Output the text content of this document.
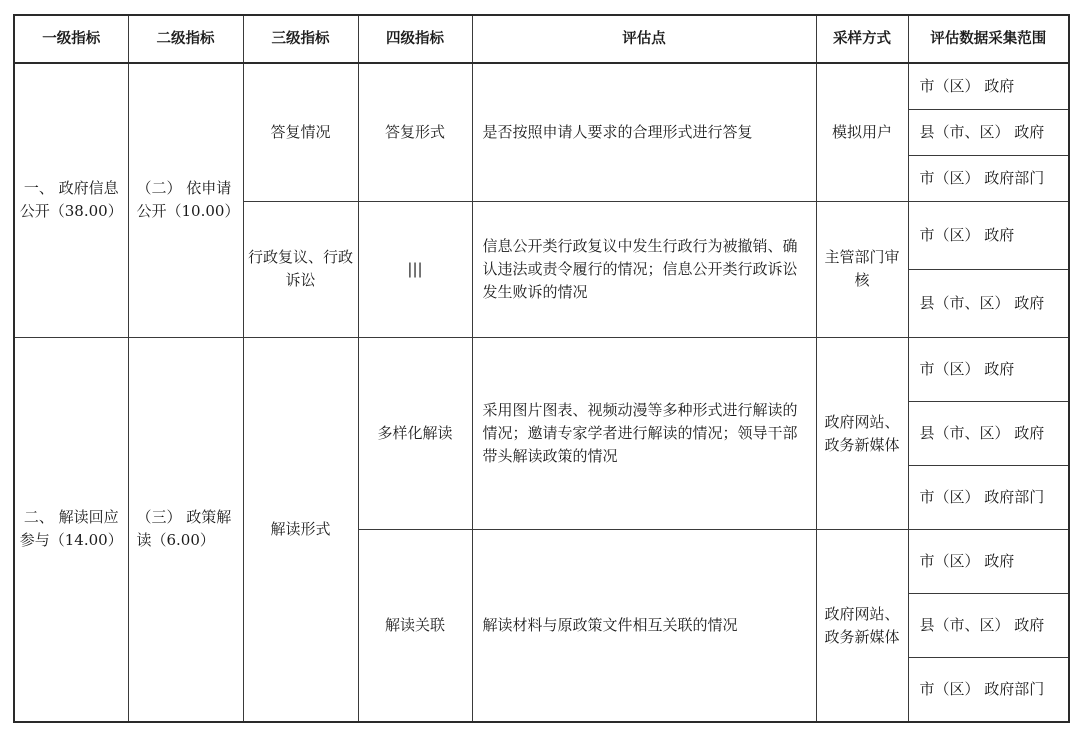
一级指标	二级指标	三级指标	四级指标	评估点	采样方式	评估数据采集范围
一、 政府信息公开（38.00）	（二） 依申请公开（10.00）	答复情况	答复形式	是否按照申请人要求的合理形式进行答复	模拟用户	市（区） 政府
						县（市、区） 政府
						市（区） 政府部门
		行政复议、行政诉讼	|||	信息公开类行政复议中发生行政行为被撤销、确认违法或责令履行的情况；信息公开类行政诉讼发生败诉的情况	主管部门审核	市（区） 政府
						县（市、区） 政府
二、 解读回应参与（14.00）	（三） 政策解读（6.00）	解读形式	多样化解读	采用图片图表、视频动漫等多种形式进行解读的情况；邀请专家学者进行解读的情况；领导干部带头解读政策的情况	政府网站、政务新媒体	市（区） 政府
						县（市、区） 政府
						市（区） 政府部门
			解读关联	解读材料与原政策文件相互关联的情况	政府网站、政务新媒体	市（区） 政府
						县（市、区） 政府
						市（区） 政府部门
